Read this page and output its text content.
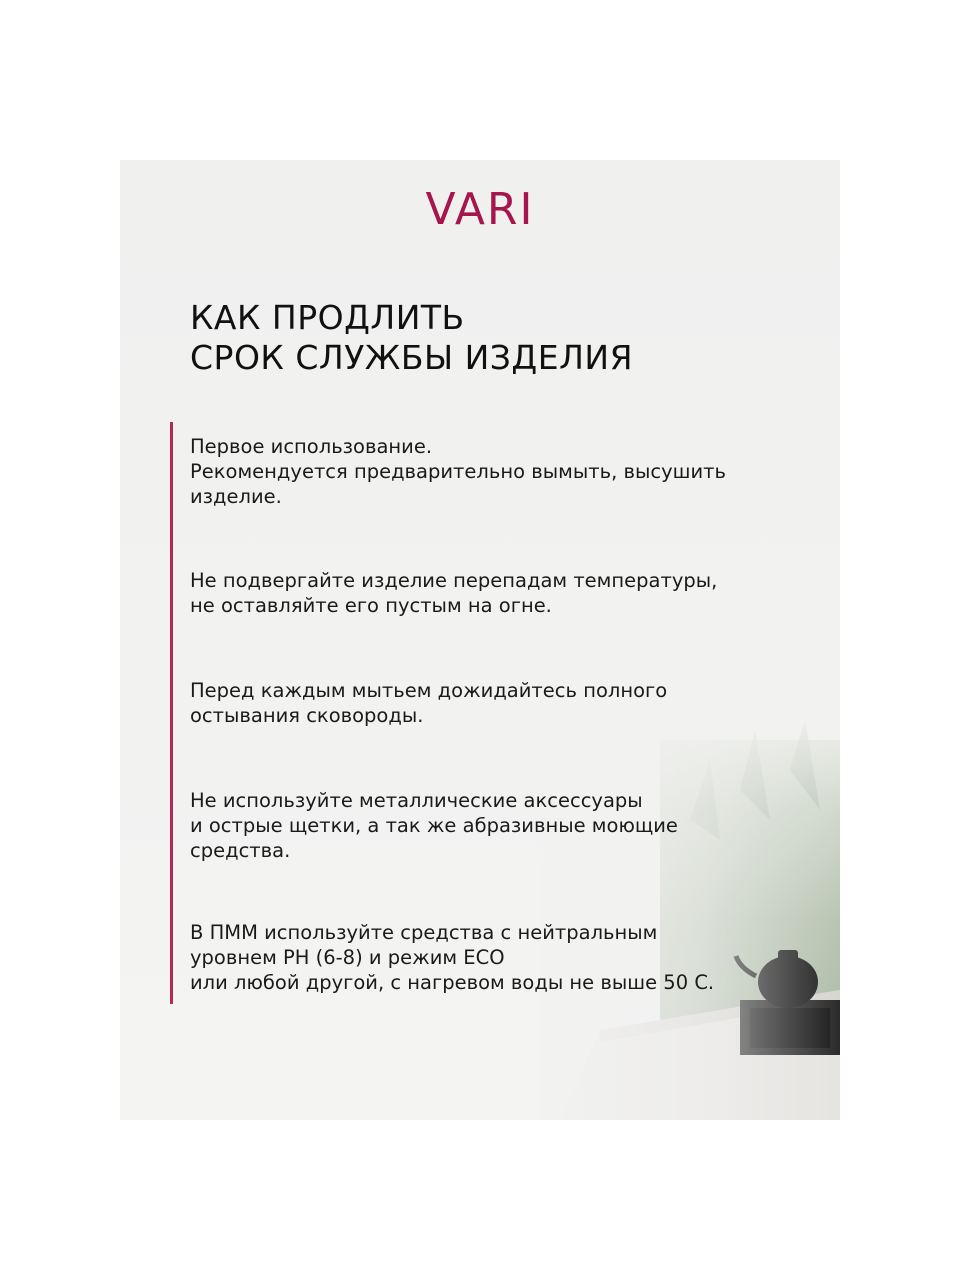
VARI
КАК ПРОДЛИТЬ
СРОК СЛУЖБЫ ИЗДЕЛИЯ
Первое использование.
Рекомендуется предварительно вымыть, высушить
изделие.
Не подвергайте изделие перепадам температуры,
не оставляйте его пустым на огне.
Перед каждым мытьем дожидайтесь полного
остывания сковороды.
Не используйте металлические аксессуары
и острые щетки, а так же абразивные моющие
средства.
В ПММ используйте средства с нейтральным
уровнем PH (6-8) и режим ECO
или любой другой, с нагревом воды не выше 50 С.
